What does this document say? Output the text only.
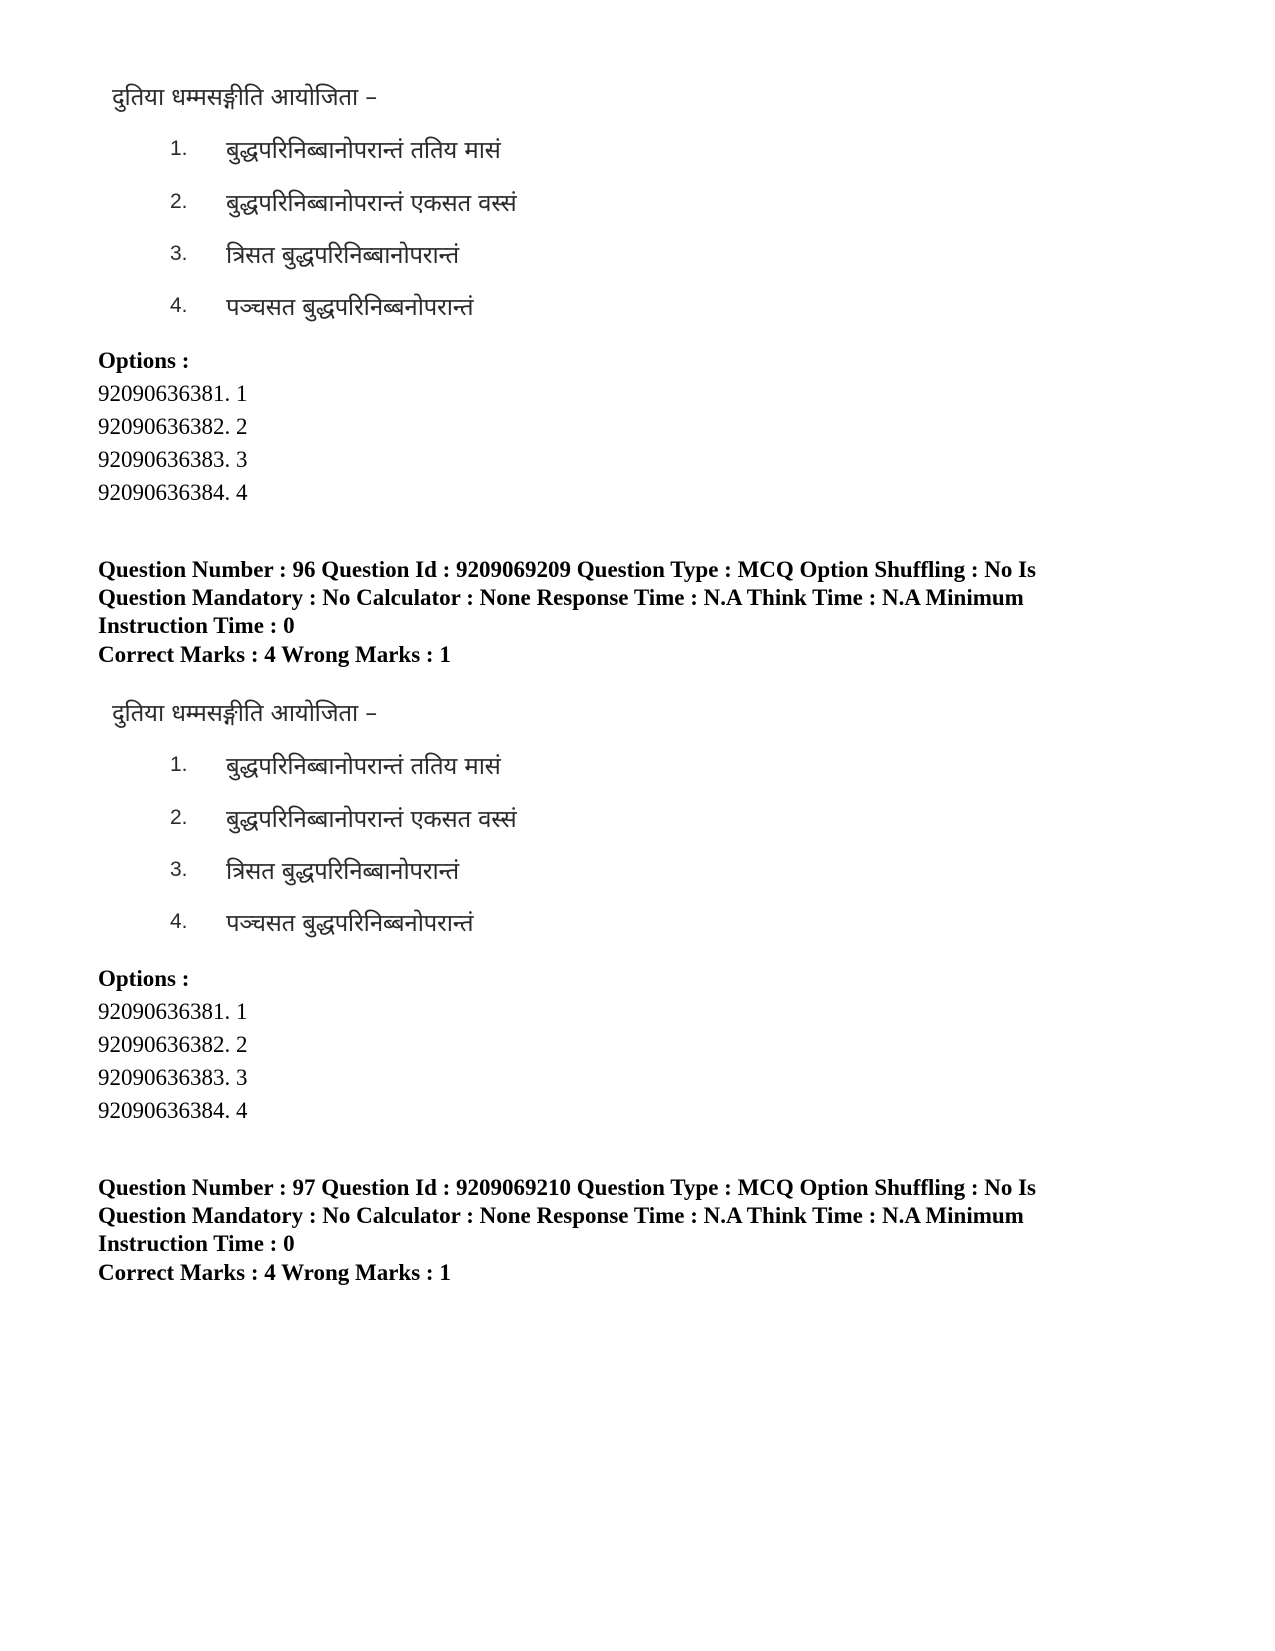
दुतिया धम्मसङ्गीति आयोजिता –
1. बुद्धपरिनिब्बानोपरान्तं ततिय मासं
2. बुद्धपरिनिब्बानोपरान्तं एकसत वस्सं
3. त्रिसत बुद्धपरिनिब्बानोपरान्तं
4. पञ्चसत बुद्धपरिनिब्बनोपरान्तं
Options :
92090636381. 1
92090636382. 2
92090636383. 3
92090636384. 4
Question Number : 96 Question Id : 9209069209 Question Type : MCQ Option Shuffling : No Is
Question Mandatory : No Calculator : None Response Time : N.A Think Time : N.A Minimum
Instruction Time : 0
Correct Marks : 4 Wrong Marks : 1
दुतिया धम्मसङ्गीति आयोजिता –
1. बुद्धपरिनिब्बानोपरान्तं ततिय मासं
2. बुद्धपरिनिब्बानोपरान्तं एकसत वस्सं
3. त्रिसत बुद्धपरिनिब्बानोपरान्तं
4. पञ्चसत बुद्धपरिनिब्बनोपरान्तं
Options :
92090636381. 1
92090636382. 2
92090636383. 3
92090636384. 4
Question Number : 97 Question Id : 9209069210 Question Type : MCQ Option Shuffling : No Is
Question Mandatory : No Calculator : None Response Time : N.A Think Time : N.A Minimum
Instruction Time : 0
Correct Marks : 4 Wrong Marks : 1
